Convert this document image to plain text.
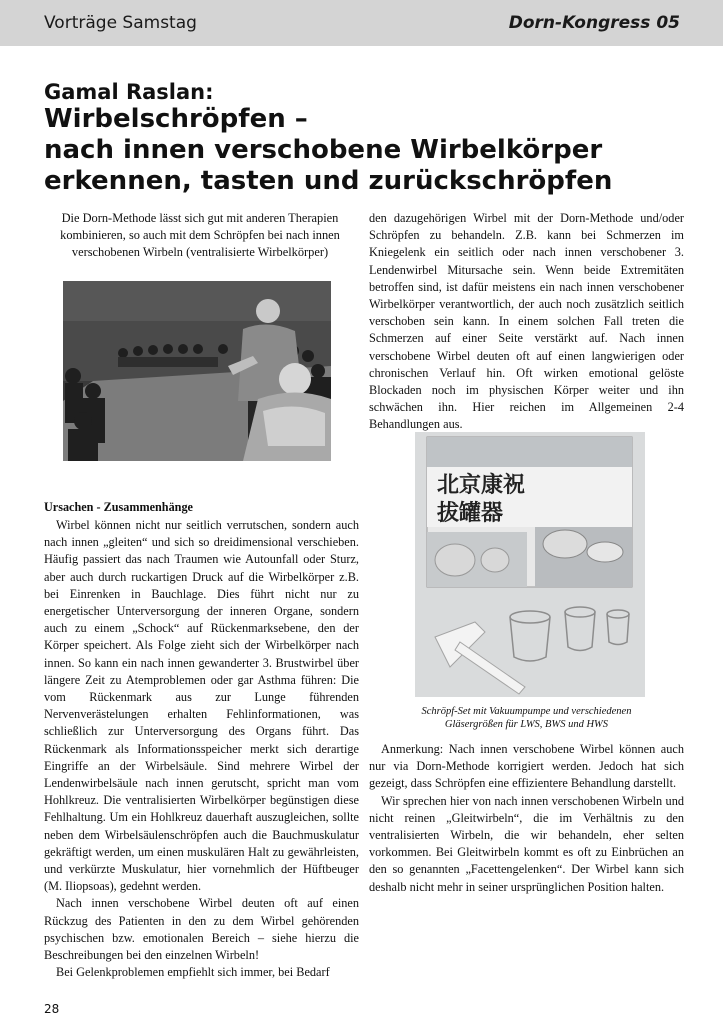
Vorträge Samstag	Dorn-Kongress 05
Gamal Raslan:
Wirbelschröpfen –
nach innen verschobene Wirbelkörper
erkennen, tasten und zurückschröpfen
Die Dorn-Methode lässt sich gut mit anderen Therapien kombinieren, so auch mit dem Schröpfen bei nach innen verschobenen Wirbeln (ventralisierte Wirbelkörper)
Ursachen - Zusammenhänge

Wirbel können nicht nur seitlich verrutschen, sondern auch nach innen „gleiten“ und sich so dreidimensional verschieben. Häufig passiert das nach Traumen wie Autounfall oder Sturz, aber auch durch ruckartigen Druck auf die Wirbelkörper z.B. bei Einrenken in Bauchlage. Dies führt nicht nur zu energetischer Unterversorgung der inneren Organe, sondern auch zu einem „Schock“ auf Rückenmarksebene, den der Körper speichert. Als Folge zieht sich der Wirbelkörper nach innen. So kann ein nach innen gewanderter 3. Brustwirbel über längere Zeit zu Atemproblemen oder gar Asthma führen: Die vom Rückenmark aus zur Lunge führenden Nervenverästelungen erhalten Fehlinformationen, was schließlich zur Unterversorgung des Organs führt. Das Rückenmark als Informationsspeicher merkt sich derartige Eingriffe an der Wirbelsäule. Sind mehrere Wirbel der Lendenwirbelsäule nach innen gerutscht, spricht man vom Hohlkreuz. Die ventralisierten Wirbelkörper begünstigen diese Fehlhaltung. Um ein Hohlkreuz dauerhaft auszugleichen, sollte neben dem Wirbelsäulenschröpfen auch die Bauchmuskulatur gekräftigt werden, um einen muskulären Halt zu gewährleisten, und verkürzte Muskulatur, hier vornehmlich der Hüftbeuger (M. Iliopsoas), gedehnt werden.

Nach innen verschobene Wirbel deuten oft auf einen Rückzug des Patienten in den zu dem Wirbel gehörenden psychischen bzw. emotionalen Bereich – siehe hierzu die Beschreibungen bei den einzelnen Wirbeln!

Bei Gelenkproblemen empfiehlt sich immer, bei Bedarf

den dazugehörigen Wirbel mit der Dorn-Methode und/oder Schröpfen zu behandeln. Z.B. kann bei Schmerzen im Kniegelenk ein seitlich oder nach innen verschobener 3. Lendenwirbel Mitursache sein. Wenn beide Extremitäten betroffen sind, ist dafür meistens ein nach innen verschobener Wirbelkörper verantwortlich, der auch noch zusätzlich seitlich verschoben sein kann. In einem solchen Fall treten die Schmerzen auf einer Seite verstärkt auf. Nach innen verschobene Wirbel deuten oft auf einen langwierigen oder chronischen Verlauf hin. Oft wirken emotional gelöste Blockaden noch im physischen Körper weiter und ihn schwächen ihn. Hier reichen im Allgemeinen 2-4 Behandlungen aus.

北京康祝
拔罐器
Schröpf-Set mit Vakuumpumpe und verschiedenen
Gläsergrößen für LWS, BWS und HWS

Anmerkung: Nach innen verschobene Wirbel können auch nur via Dorn-Methode korrigiert werden. Jedoch hat sich gezeigt, dass Schröpfen eine effizientere Behandlung darstellt.

Wir sprechen hier von nach innen verschobenen Wirbeln und nicht reinen „Gleitwirbeln“, die im Verhältnis zu den ventralisierten Wirbeln, die wir behandeln, eher selten vorkommen. Bei Gleitwirbeln kommt es oft zu Einbrüchen an den so genannten „Facettengelenken“. Der Wirbel kann sich deshalb nicht mehr in seiner ursprünglichen Position halten.

28
